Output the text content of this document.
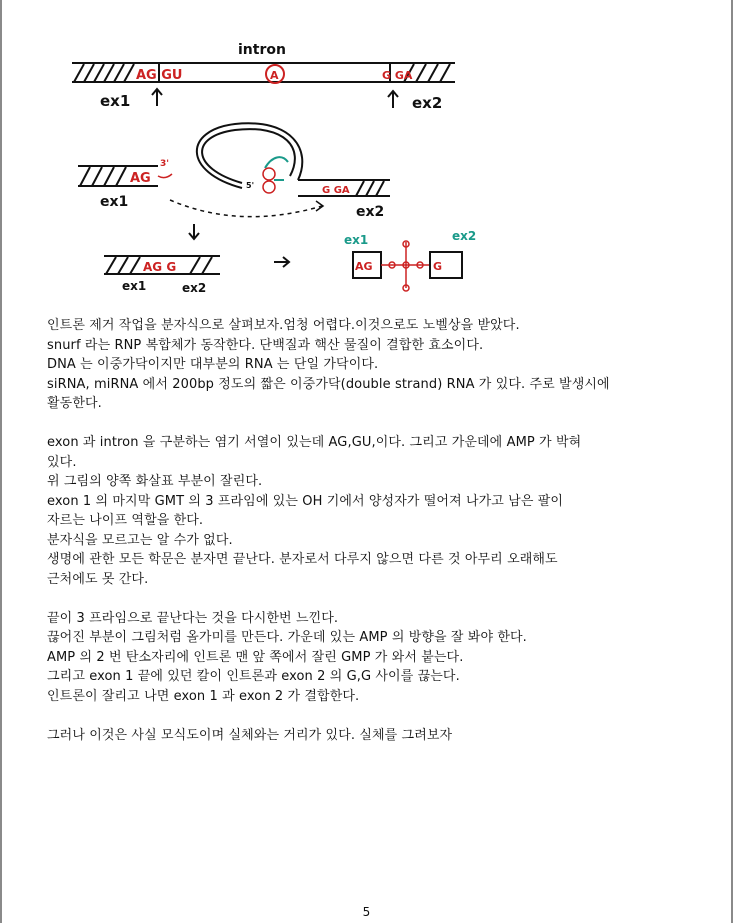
AG GU	G GA
A
intron
ex1	ex2
AG
3'
ex1
5'	G GA
ex2
AG G
ex1	ex2
ex1	ex2
AG	G

인트론 제거 작업을 분자식으로 살펴보자.엄청 어렵다.이것으로도 노벨상을 받았다.
snurf 라는 RNP 복합체가 동작한다. 단백질과 핵산 물질이 결합한 효소이다.
DNA 는 이중가닥이지만 대부분의 RNA 는 단일 가닥이다.
siRNA, miRNA 에서 200bp 정도의 짧은 이중가닥(double strand) RNA 가 있다. 주로 발생시에
활동한다.

exon 과 intron 을 구분하는 염기 서열이 있는데 AG,GU,이다. 그리고 가운데에 AMP 가 박혀
있다.
위 그림의 양쪽 화살표 부분이 잘린다.
exon 1 의 마지막 GMT 의 3 프라임에 있는 OH 기에서 양성자가 떨어져 나가고 남은 팔이
자르는 나이프 역할을 한다.
분자식을 모르고는 알 수가 없다.
생명에 관한 모든 학문은 분자면 끝난다. 분자로서 다루지 않으면 다른 것 아무리 오래해도
근처에도 못 간다.

끝이 3 프라임으로 끝난다는 것을 다시한번 느낀다.
끊어진 부분이 그림처럼 올가미를 만든다. 가운데 있는 AMP 의 방향을 잘 봐야 한다.
AMP 의 2 번 탄소자리에 인트론 맨 앞 쪽에서 잘린 GMP 가 와서 붙는다.
그리고 exon 1 끝에 있던 칼이 인트론과 exon 2 의 G,G 사이를 끊는다.
인트론이 잘리고 나면 exon 1 과 exon 2 가 결합한다.

그러나 이것은 사실 모식도이며 실체와는 거리가 있다. 실체를 그려보자

5
